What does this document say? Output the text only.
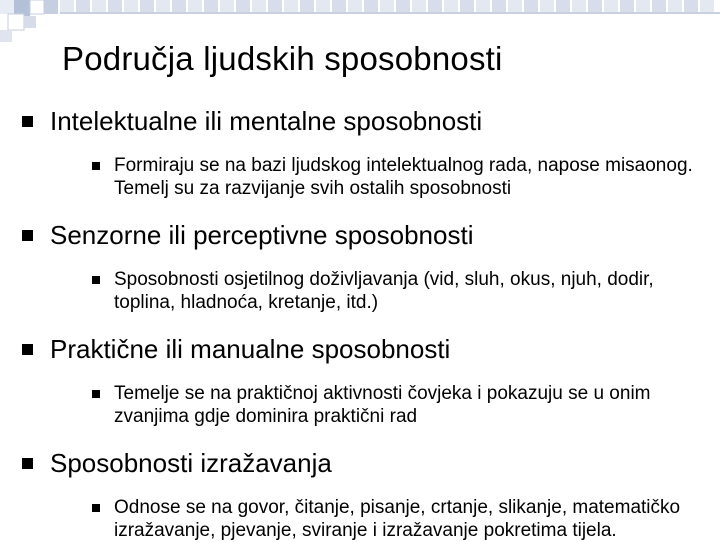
Područja ljudskih sposobnosti
Intelektualne ili mentalne sposobnosti
Formiraju se na bazi ljudskog intelektualnog rada, napose misaonog. Temelj su za razvijanje svih ostalih sposobnosti
Senzorne ili perceptivne sposobnosti
Sposobnosti osjetilnog doživljavanja (vid, sluh, okus, njuh, dodir, toplina, hladnoća, kretanje, itd.)
Praktične ili manualne sposobnosti
Temelje se na praktičnoj aktivnosti čovjeka i pokazuju se u onim zvanjima gdje dominira praktični rad
Sposobnosti izražavanja
Odnose se na govor, čitanje, pisanje, crtanje, slikanje, matematičko izražavanje, pjevanje, sviranje i izražavanje pokretima tijela.
